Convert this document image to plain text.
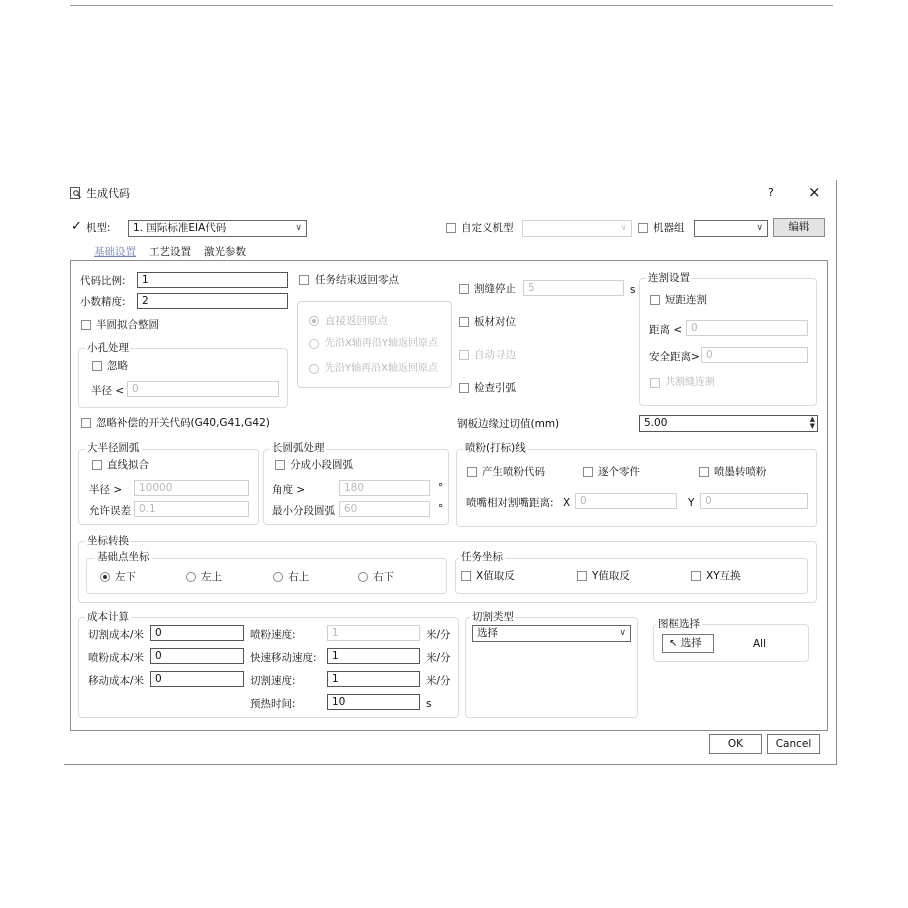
生成代码	? ×
✓ 机型:	1. 国际标准EIA代码	∨	自定义机型	∨ 机器组	∨	编辑
基础设置 工艺设置 激光参数
代码比例:	1
小数精度:	2
半圆拟合整圆
小孔处理
忽略
半径 < 0
任务结束返回零点
直接返回原点
先沿X轴再沿Y轴返回原点
先沿Y轴再沿X轴返回原点
割缝停止	5	s
板材对位
自动寻边
检查引弧
连割设置
短距连割
距离 < 0
安全距离> 0
共割缝连割
忽略补偿的开关代码(G40,G41,G42)	钢板边缘过切值(mm)	5.00	▲
▼
大半径圆弧
直线拟合
半径 >	10000
允许误差 0.1
长圆弧处理
分成小段圆弧
角度 >	180	°
最小分段圆弧 60	°
喷粉(打标)线
产生喷粉代码	逐个零件	喷墨转喷粉
喷嘴相对割嘴距离: X 0	Y	0
坐标转换
基础点坐标
左下	左上	右上	右下
任务坐标
X值取反	Y值取反	XY互换
成本计算
切割成本/米	0
喷粉成本/米	0
移动成本/米	0
喷粉速度:	1	米/分
快速移动速度:	1	米/分
切割速度:	1	米/分
预热时间:	10	s
切割类型
选择	∨
图框选择
↖ 选择	All
OK	Cancel
